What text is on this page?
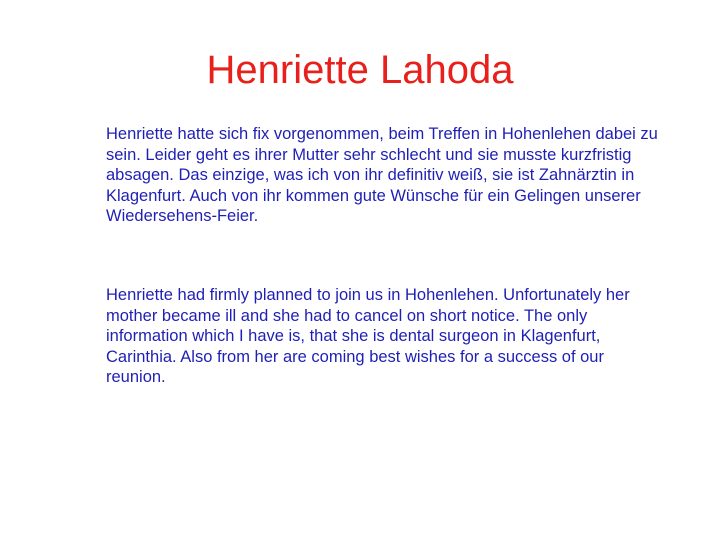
Henriette Lahoda

Henriette hatte sich fix vorgenommen, beim Treffen in Hohenlehen dabei zu sein. Leider geht es ihrer Mutter sehr schlecht und sie musste kurzfristig absagen. Das einzige, was ich von ihr definitiv weiß, sie ist Zahnärztin in Klagenfurt. Auch von ihr kommen gute Wünsche für ein Gelingen unserer Wiedersehens-Feier.

Henriette had firmly planned to join us in Hohenlehen. Unfortunately her mother became ill and she had to cancel on short notice. The only information which I have is, that she is dental surgeon in Klagenfurt, Carinthia. Also from her are coming best wishes for a success of our reunion.
